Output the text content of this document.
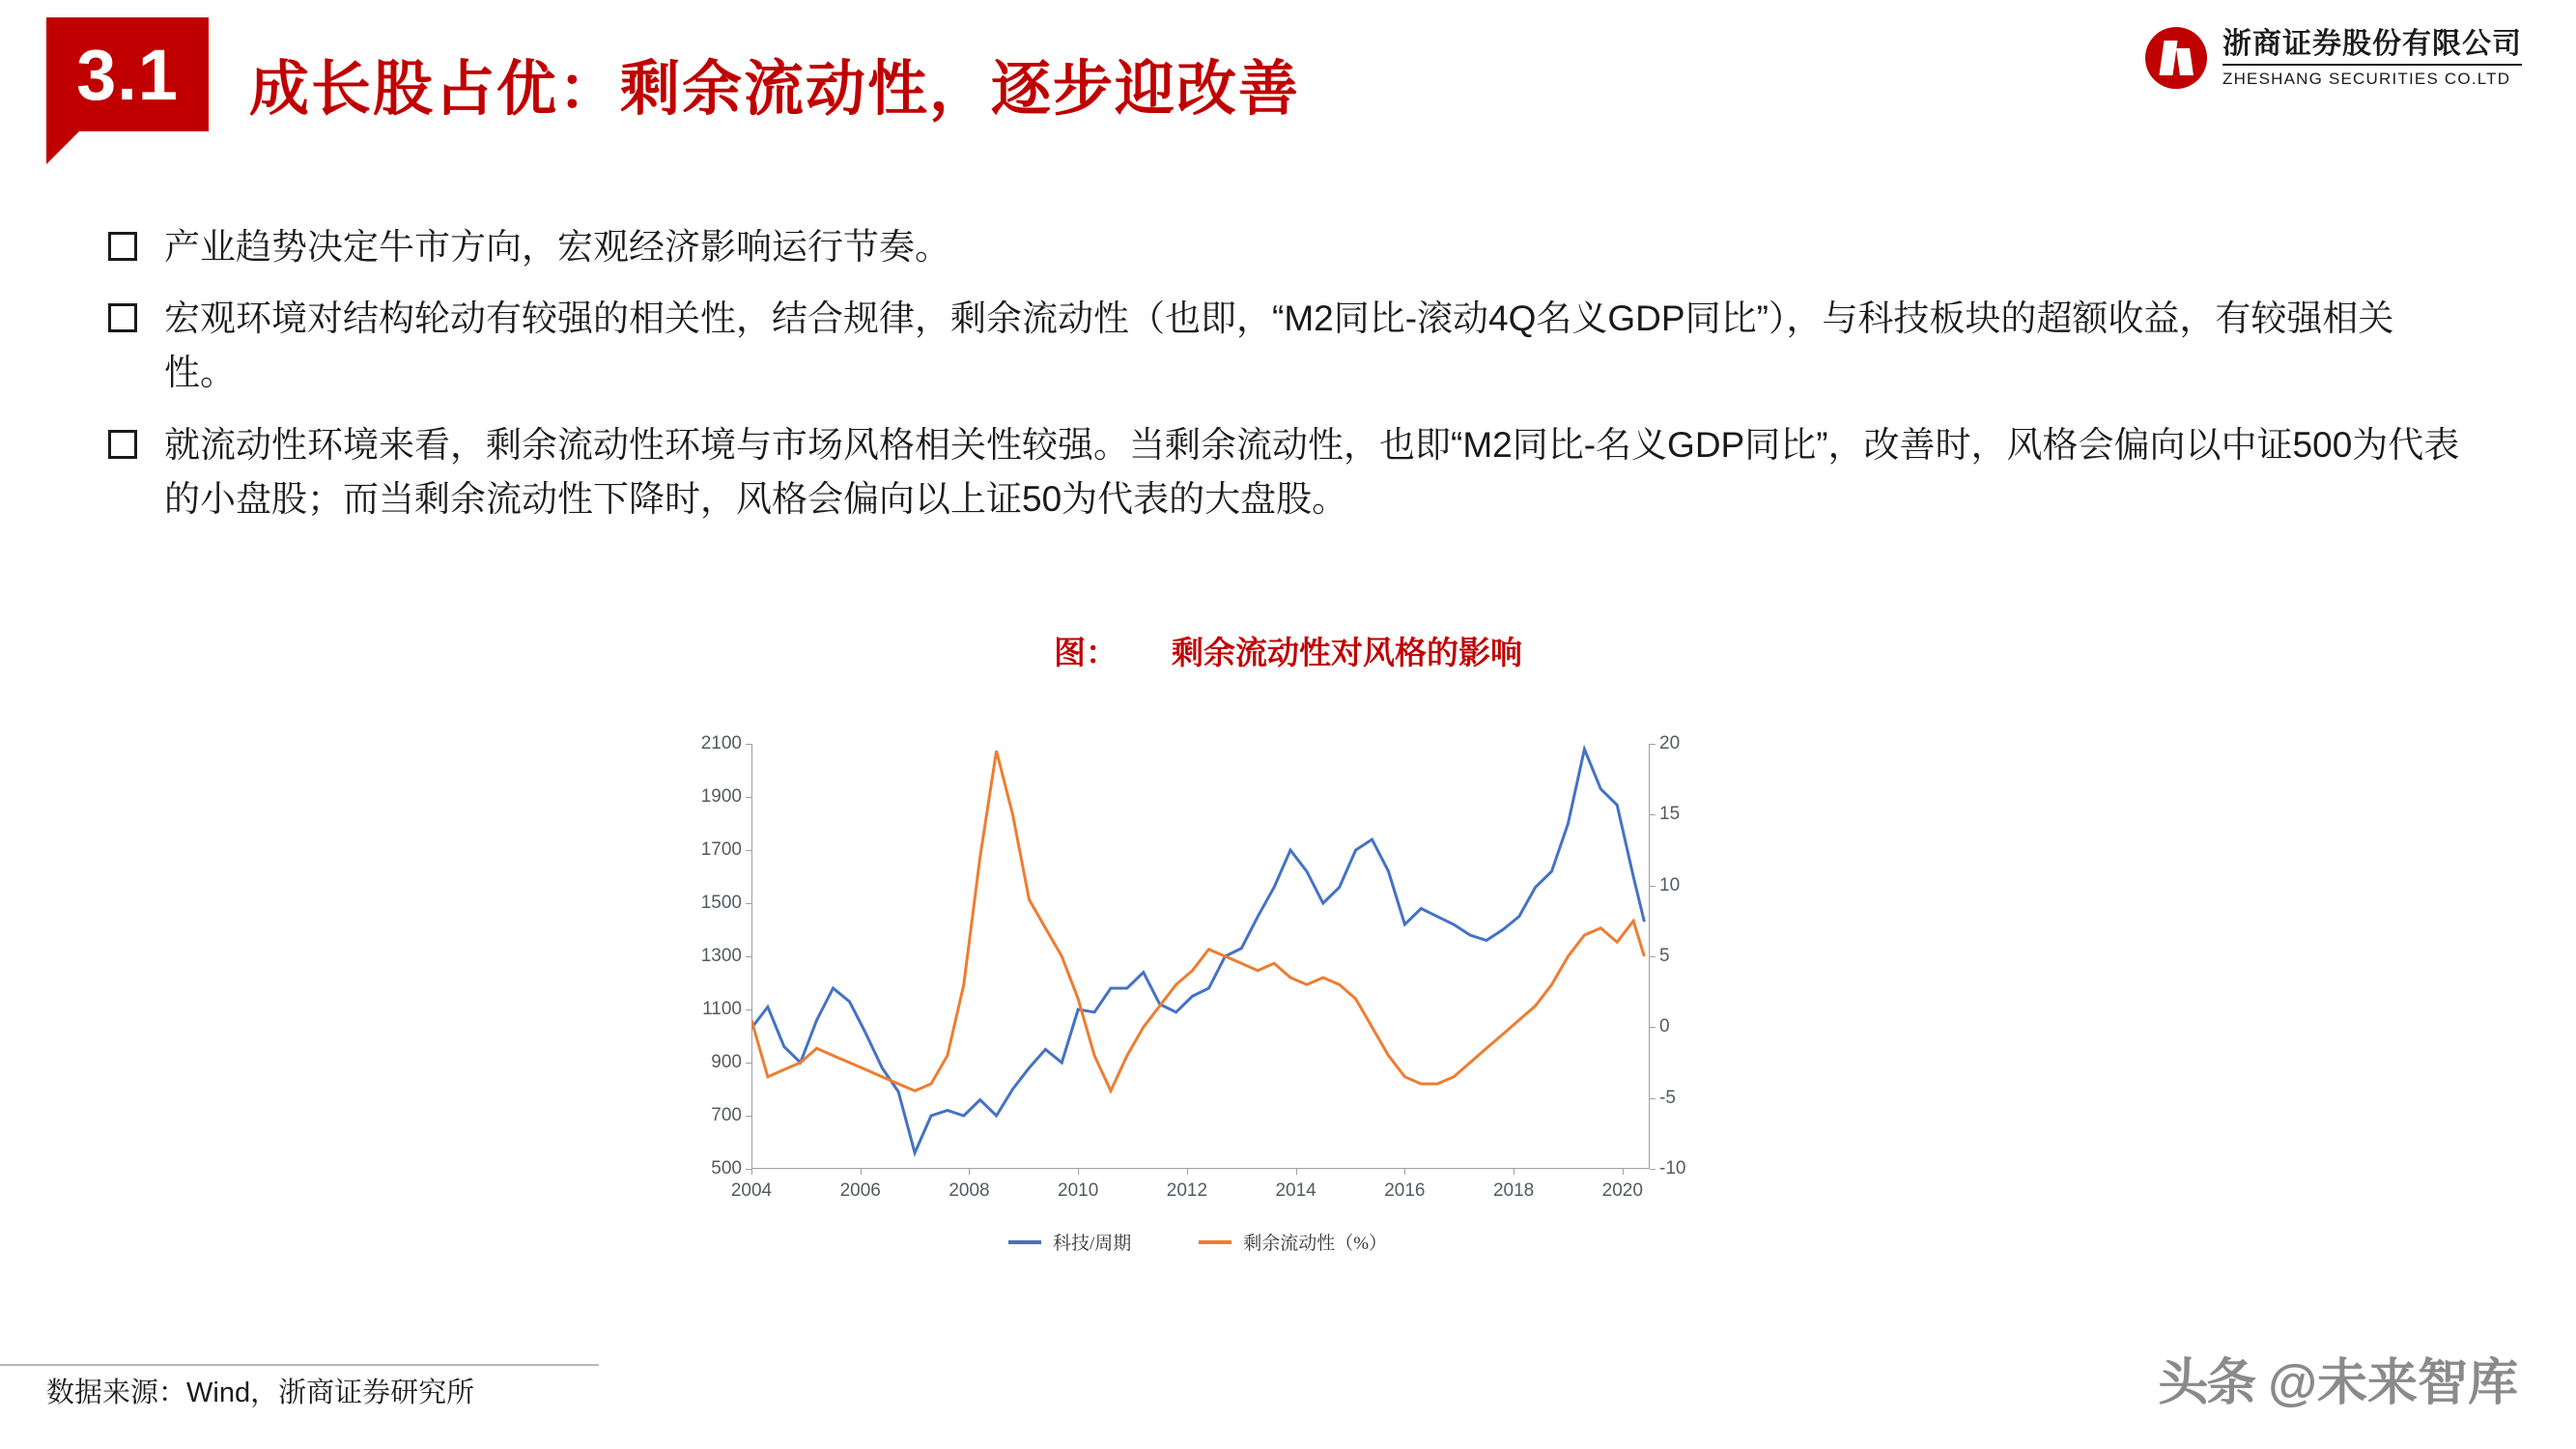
3.1	成长股占优：剩余流动性，逐步迎改善
浙商证券股份有限公司
ZHESHANG SECURITIES CO.LTD
产业趋势决定牛市方向，宏观经济影响运行节奏。
宏观环境对结构轮动有较强的相关性，结合规律，剩余流动性（也即，“M2同比-滚动4Q名义GDP同比”），与科技板块的超额收益，有较强相关性。
就流动性环境来看，剩余流动性环境与市场风格相关性较强。当剩余流动性，也即“M2同比-名义GDP同比”，改善时，风格会偏向以中证500为代表的小盘股；而当剩余流动性下降时，风格会偏向以上证50为代表的大盘股。
图： 剩余流动性对风格的影响
500
700
900
1100
1300
1500
1700
1900
2100
-10
-5
0
5
10
15
20
2004	2006	2008	2010	2012	2014	2016	2018	2020
科技/周期	剩余流动性（%）
数据来源：Wind，浙商证券研究所	头条 @未来智库
